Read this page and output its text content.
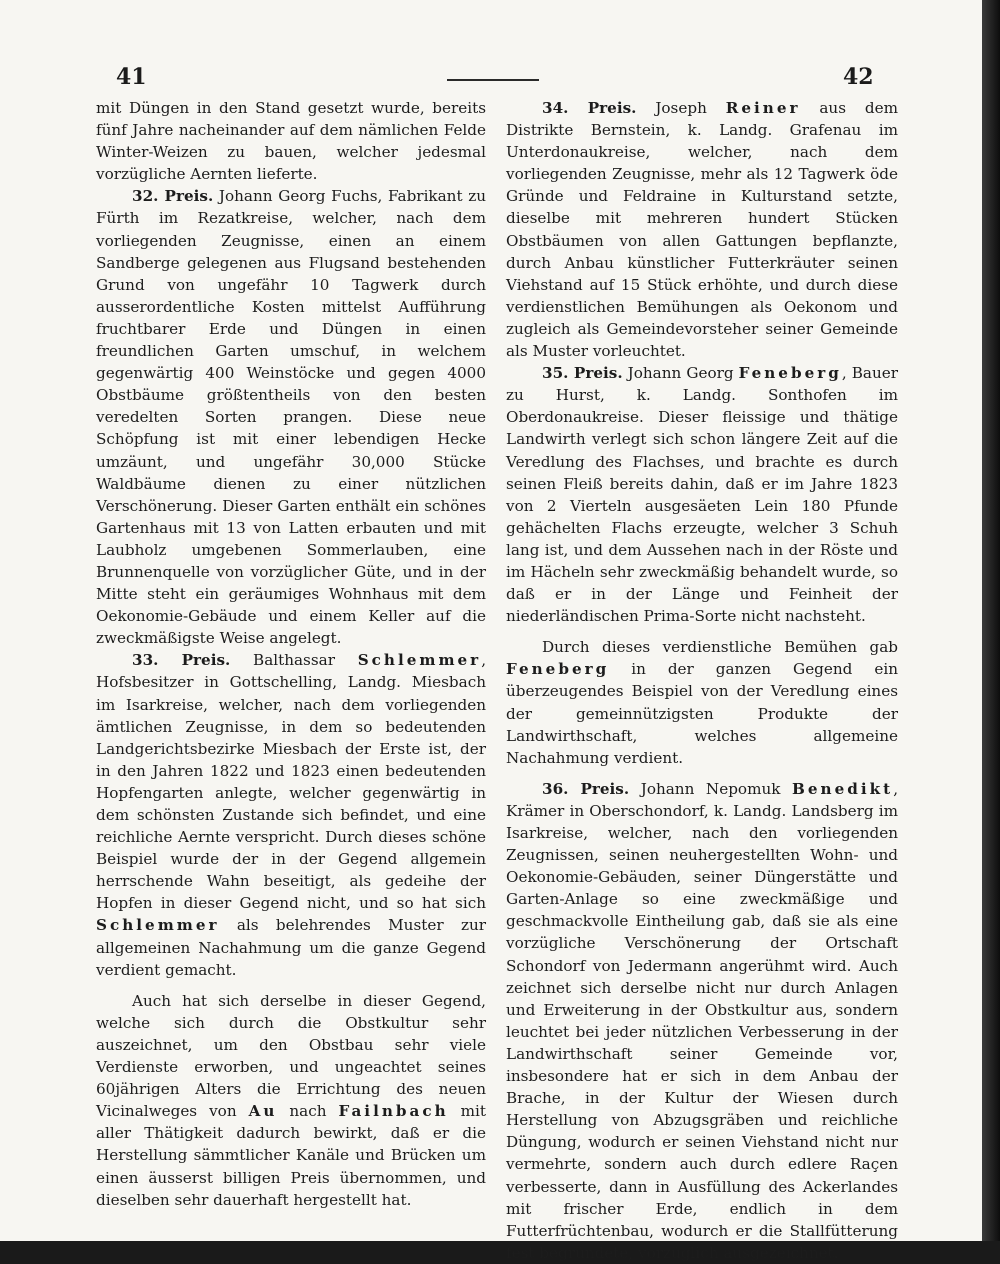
41	42

mit Düngen in den Stand gesetzt wurde, bereits fünf Jahre nacheinander auf dem nämlichen Felde Winter-Weizen zu bauen, welcher jedesmal vorzügliche Aernten lieferte.

32. Preis. Johann Georg Fuchs, Fabrikant zu Fürth im Rezatkreise, welcher, nach dem vorliegenden Zeugnisse, einen an einem Sandberge gelegenen aus Flugsand bestehenden Grund von ungefähr 10 Tagwerk durch ausserordentliche Kosten mittelst Aufführung fruchtbarer Erde und Düngen in einen freundlichen Garten umschuf, in welchem gegenwärtig 400 Weinstöcke und gegen 4000 Obstbäume größtentheils von den besten veredelten Sorten prangen. Diese neue Schöpfung ist mit einer lebendigen Hecke umzäunt, und ungefähr 30,000 Stücke Waldbäume dienen zu einer nützlichen Verschönerung. Dieser Garten enthält ein schönes Gartenhaus mit 13 von Latten erbauten und mit Laubholz umgebenen Sommerlauben, eine Brunnenquelle von vorzüglicher Güte, und in der Mitte steht ein geräumiges Wohnhaus mit dem Oekonomie-Gebäude und einem Keller auf die zweckmäßigste Weise angelegt.

33. Preis. Balthassar Schlemmer, Hofsbesitzer in Gottschelling, Landg. Miesbach im Isarkreise, welcher, nach dem vorliegenden ämtlichen Zeugnisse, in dem so bedeutenden Landgerichtsbezirke Miesbach der Erste ist, der in den Jahren 1822 und 1823 einen bedeutenden Hopfengarten anlegte, welcher gegenwärtig in dem schönsten Zustande sich befindet, und eine reichliche Aernte verspricht. Durch dieses schöne Beispiel wurde der in der Gegend allgemein herrschende Wahn beseitigt, als gedeihe der Hopfen in dieser Gegend nicht, und so hat sich Schlemmer als belehrendes Muster zur allgemeinen Nachahmung um die ganze Gegend verdient gemacht.

Auch hat sich derselbe in dieser Gegend, welche sich durch die Obstkultur sehr auszeichnet, um den Obstbau sehr viele Verdienste erworben, und ungeachtet seines 60jährigen Alters die Errichtung des neuen Vicinalweges von Au nach Failnbach mit aller Thätigkeit dadurch bewirkt, daß er die Herstellung sämmtlicher Kanäle und Brücken um einen äusserst billigen Preis übernommen, und dieselben sehr dauerhaft hergestellt hat.

34. Preis. Joseph Reiner aus dem Distrikte Bernstein, k. Landg. Grafenau im Unterdonaukreise, welcher, nach dem vorliegenden Zeugnisse, mehr als 12 Tagwerk öde Gründe und Feldraine in Kulturstand setzte, dieselbe mit mehreren hundert Stücken Obstbäumen von allen Gattungen bepflanzte, durch Anbau künstlicher Futterkräuter seinen Viehstand auf 15 Stück erhöhte, und durch diese verdienstlichen Bemühungen als Oekonom und zugleich als Gemeindevorsteher seiner Gemeinde als Muster vorleuchtet.

35. Preis. Johann Georg Feneberg, Bauer zu Hurst, k. Landg. Sonthofen im Oberdonaukreise. Dieser fleissige und thätige Landwirth verlegt sich schon längere Zeit auf die Veredlung des Flachses, und brachte es durch seinen Fleiß bereits dahin, daß er im Jahre 1823 von 2 Vierteln ausgesäeten Lein 180 Pfunde gehächelten Flachs erzeugte, welcher 3 Schuh lang ist, und dem Aussehen nach in der Röste und im Hächeln sehr zweckmäßig behandelt wurde, so daß er in der Länge und Feinheit der niederländischen Prima-Sorte nicht nachsteht.

Durch dieses verdienstliche Bemühen gab Feneberg in der ganzen Gegend ein überzeugendes Beispiel von der Veredlung eines der gemeinnützigsten Produkte der Landwirthschaft, welches allgemeine Nachahmung verdient.

36. Preis. Johann Nepomuk Benedikt, Krämer in Oberschondorf, k. Landg. Landsberg im Isarkreise, welcher, nach den vorliegenden Zeugnissen, seinen neuhergestellten Wohn- und Oekonomie-Gebäuden, seiner Düngerstätte und Garten-Anlage so eine zweckmäßige und geschmackvolle Eintheilung gab, daß sie als eine vorzügliche Verschönerung der Ortschaft Schondorf von Jedermann angerühmt wird. Auch zeichnet sich derselbe nicht nur durch Anlagen und Erweiterung in der Obstkultur aus, sondern leuchtet bei jeder nützlichen Verbesserung in der Landwirthschaft seiner Gemeinde vor, insbesondere hat er sich in dem Anbau der Brache, in der Kultur der Wiesen durch Herstellung von Abzugsgräben und reichliche Düngung, wodurch er seinen Viehstand nicht nur vermehrte, sondern auch durch edlere Raçen verbesserte, dann in Ausfüllung des Ackerlandes mit frischer Erde, endlich in dem Futterfrüchtenbau, wodurch er die Stallfütterung fest begründete, vorzüglich ausgezeichnet.
